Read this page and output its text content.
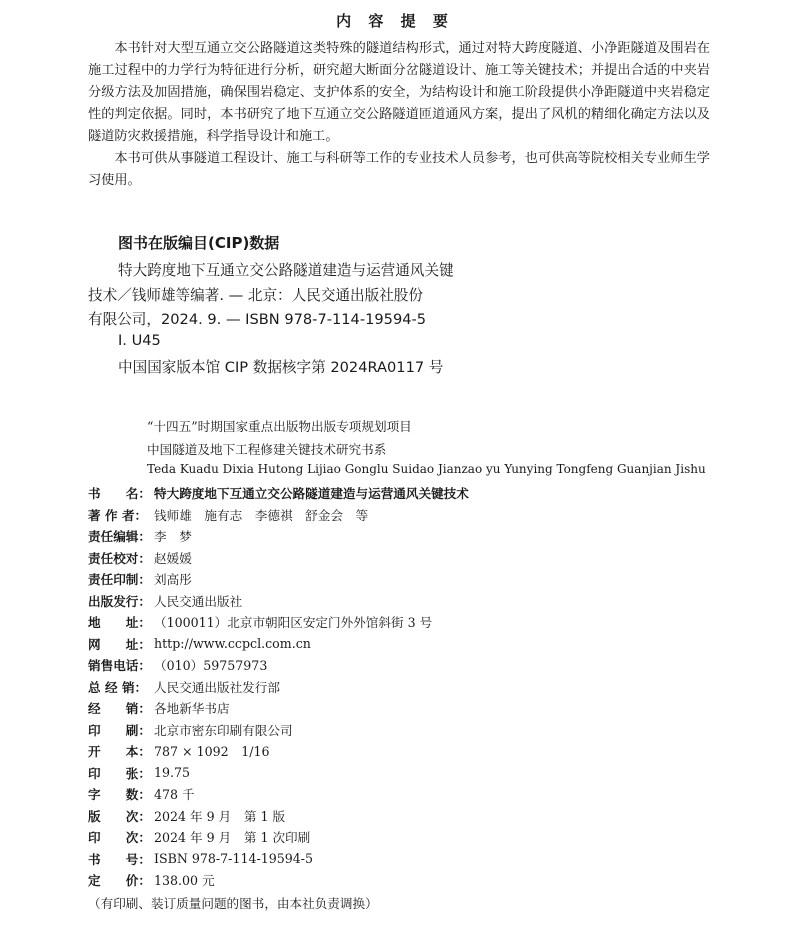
内 容 提 要

本书针对大型互通立交公路隧道这类特殊的隧道结构形式，通过对特大跨度隧道、小净距隧道及围岩在施工过程中的力学行为特征进行分析，研究超大断面分岔隧道设计、施工等关键技术；并提出合适的中夹岩分级方法及加固措施，确保围岩稳定、支护体系的安全，为结构设计和施工阶段提供小净距隧道中夹岩稳定性的判定依据。同时，本书研究了地下互通立交公路隧道匝道通风方案，提出了风机的精细化确定方法以及隧道防灾救援措施，科学指导设计和施工。

本书可供从事隧道工程设计、施工与科研等工作的专业技术人员参考，也可供高等院校相关专业师生学习使用。

图书在版编目(CIP)数据
特大跨度地下互通立交公路隧道建造与运营通风关键
技术／钱师雄等编著. — 北京：人民交通出版社股份
有限公司，2024. 9. — ISBN 978-7-114-19594-5
Ⅰ. U45
中国国家版本馆 CIP 数据核字第 2024RA0117 号
“十四五”时期国家重点出版物出版专项规划项目
中国隧道及地下工程修建关键技术研究书系
Teda Kuadu Dixia Hutong Lijiao Gonglu Suidao Jianzao yu Yunying Tongfeng Guanjian Jishu
书　　名： 特大跨度地下互通立交公路隧道建造与运营通风关键技术
著 作 者： 钱师雄　施有志　李德祺　舒金会　等
责任编辑： 李　梦
责任校对： 赵媛媛
责任印制： 刘高彤
出版发行： 人民交通出版社
地　　址： （100011）北京市朝阳区安定门外外馆斜街 3 号
网　　址： http://www.ccpcl.com.cn
销售电话： （010）59757973
总 经 销： 人民交通出版社发行部
经　　销： 各地新华书店
印　　刷： 北京市密东印刷有限公司
开　　本： 787 × 1092　1/16
印　　张： 19.75
字　　数： 478 千
版　　次： 2024 年 9 月　第 1 版
印　　次： 2024 年 9 月　第 1 次印刷
书　　号： ISBN 978-7-114-19594-5
定　　价： 138.00 元
（有印刷、装订质量问题的图书，由本社负责调换）
